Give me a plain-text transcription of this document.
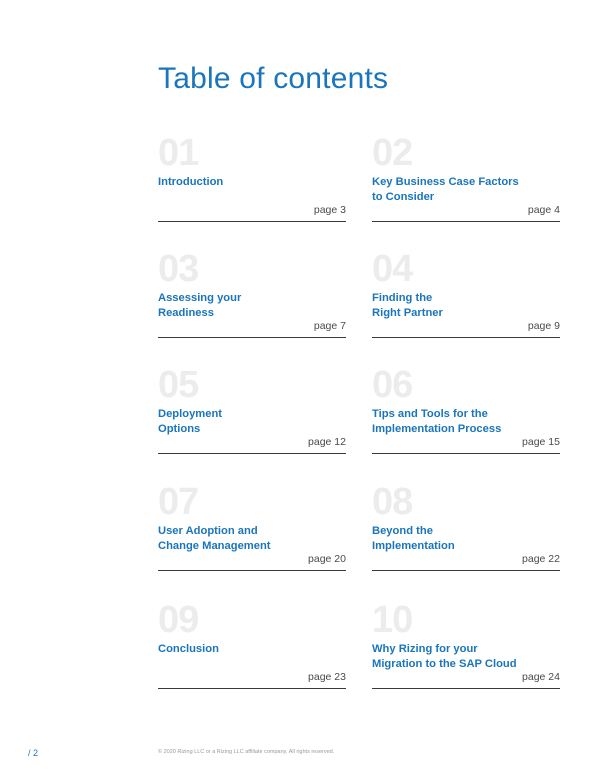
Table of contents
01
Introduction
page 3
02
Key Business Case Factors
to Consider
page 4
03
Assessing your
Readiness
page 7
04
Finding the
Right Partner
page 9
05
Deployment
Options
page 12
06
Tips and Tools for the
Implementation Process
page 15
07
User Adoption and
Change Management
page 20
08
Beyond the
Implementation
page 22
09
Conclusion
page 23
10
Why Rizing for your
Migration to the SAP Cloud
page 24
/ 2	© 2020 Rizing LLC or a Rizing LLC affiliate company. All rights reserved.
